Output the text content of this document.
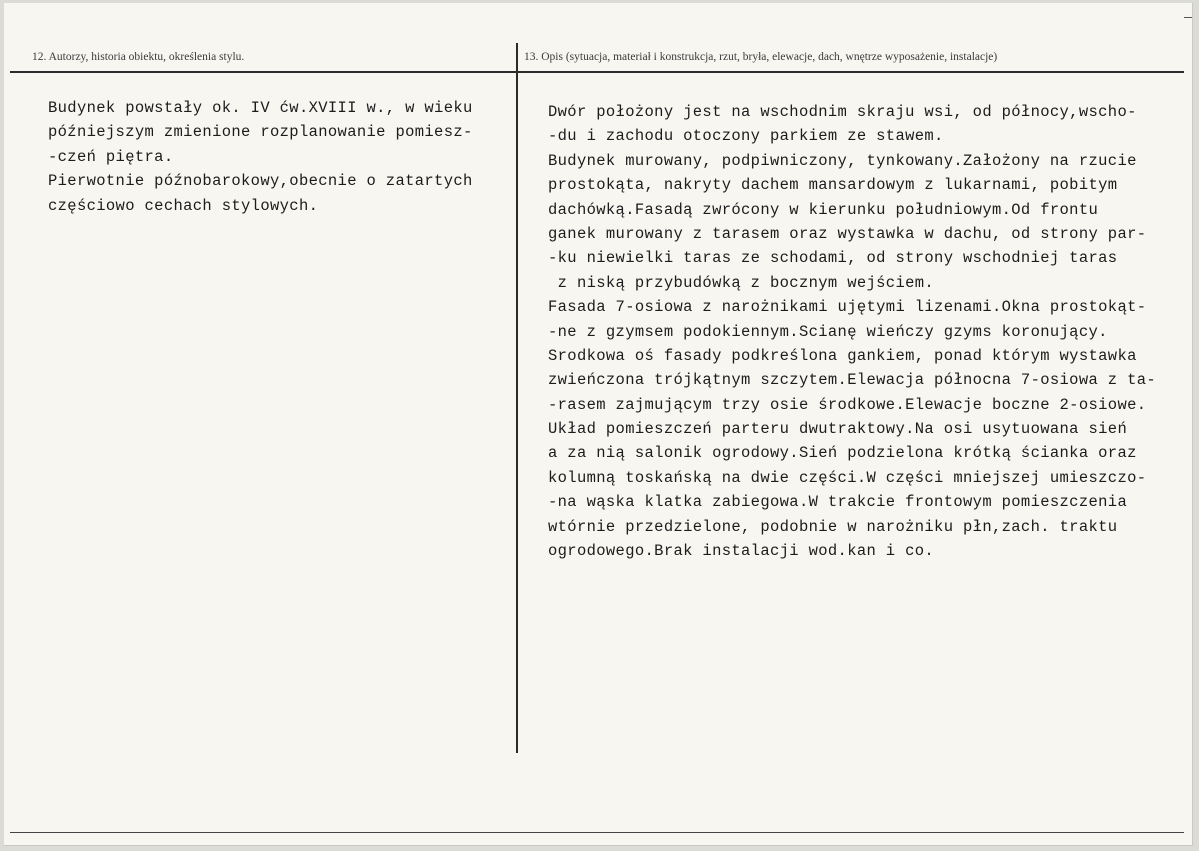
12. Autorzy, historia obiektu, określenia stylu.	13. Opis (sytuacja, materiał i konstrukcja, rzut, bryła, elewacje, dach, wnętrze wyposażenie, instalacje)
Budynek powstały ok. IV ćw.XVIII w., w wieku
późniejszym zmienione rozplanowanie pomiesz-
-czeń piętra.
Pierwotnie późnobarokowy,obecnie o zatartych
częściowo cechach stylowych.
Dwór położony jest na wschodnim skraju wsi, od północy,wscho-
-du i zachodu otoczony parkiem ze stawem.
Budynek murowany, podpiwniczony, tynkowany.Założony na rzucie
prostokąta, nakryty dachem mansardowym z lukarnami, pobitym
dachówką.Fasadą zwrócony w kierunku południowym.Od frontu
ganek murowany z tarasem oraz wystawka w dachu, od strony par-
-ku niewielki taras ze schodami, od strony wschodniej taras
z niską przybudówką z bocznym wejściem.
Fasada 7-osiowa z narożnikami ujętymi lizenami.Okna prostokąt-
-ne z gzymsem podokiennym.Scianę wieńczy gzyms koronujący.
Srodkowa oś fasady podkreślona gankiem, ponad którym wystawka
zwieńczona trójkątnym szczytem.Elewacja północna 7-osiowa z ta-
-rasem zajmującym trzy osie środkowe.Elewacje boczne 2-osiowe.
Układ pomieszczeń parteru dwutraktowy.Na osi usytuowana sień
a za nią salonik ogrodowy.Sień podzielona krótką ścianka oraz
kolumną toskańską na dwie części.W części mniejszej umieszczo-
-na wąska klatka zabiegowa.W trakcie frontowym pomieszczenia
wtórnie przedzielone, podobnie w narożniku płn,zach. traktu
ogrodowego.Brak instalacji wod.kan i co.
